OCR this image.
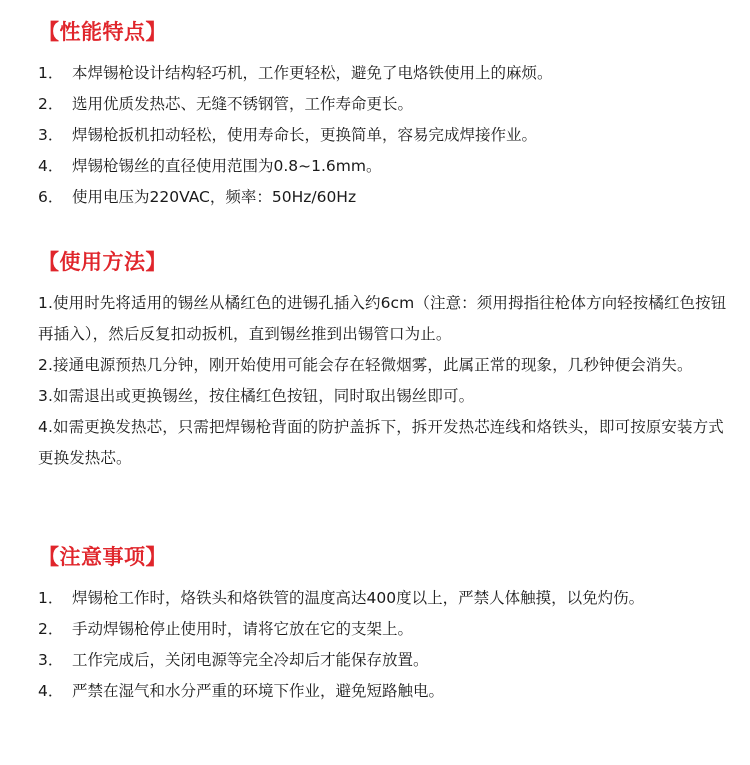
【性能特点】
1． 本焊锡枪设计结构轻巧机，工作更轻松，避免了电烙铁使用上的麻烦。
2． 选用优质发热芯、无缝不锈钢管，工作寿命更长。
3． 焊锡枪扳机扣动轻松，使用寿命长，更换简单，容易完成焊接作业。
4． 焊锡枪锡丝的直径使用范围为0.8~1.6mm。
6． 使用电压为220VAC，频率：50Hz/60Hz
【使用方法】

1.使用时先将适用的锡丝从橘红色的进锡孔插入约6cm（注意：须用拇指往枪体方向轻按橘红色按钮再插入），然后反复扣动扳机，直到锡丝推到出锡管口为止。

2.接通电源预热几分钟，刚开始使用可能会存在轻微烟雾，此属正常的现象，几秒钟便会消失。

3.如需退出或更换锡丝，按住橘红色按钮，同时取出锡丝即可。

4.如需更换发热芯，只需把焊锡枪背面的防护盖拆下，拆开发热芯连线和烙铁头，即可按原安装方式更换发热芯。

【注意事项】
1． 焊锡枪工作时，烙铁头和烙铁管的温度高达400度以上，严禁人体触摸，以免灼伤。
2． 手动焊锡枪停止使用时，请将它放在它的支架上。
3． 工作完成后，关闭电源等完全冷却后才能保存放置。
4． 严禁在湿气和水分严重的环境下作业，避免短路触电。
